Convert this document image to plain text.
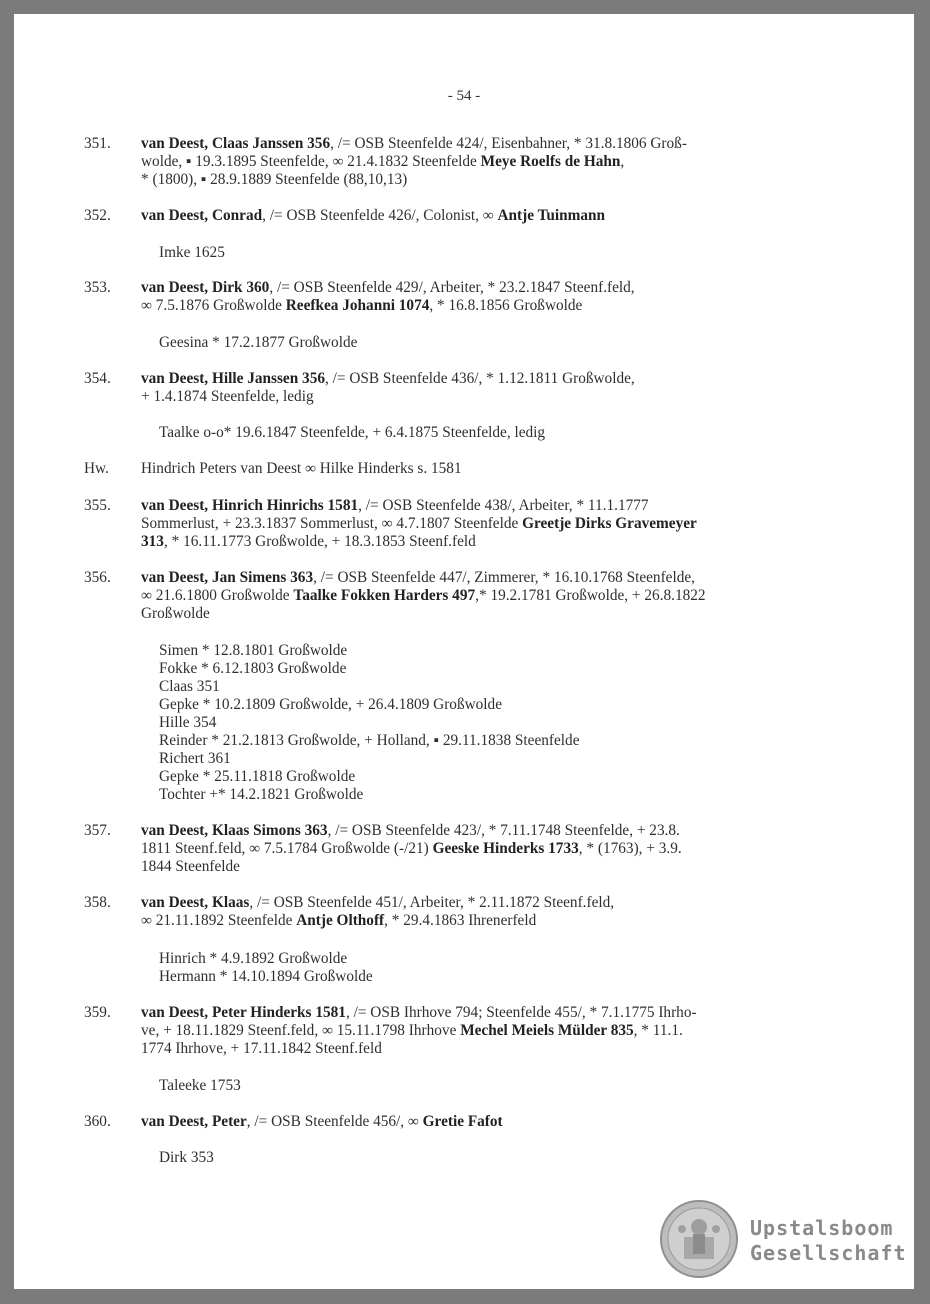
- 54 -
351.	van Deest, Claas Janssen 356, /= OSB Steenfelde 424/, Eisenbahner, * 31.8.1806 Groß-
wolde, ▪ 19.3.1895 Steenfelde, ∞ 21.4.1832 Steenfelde Meye Roelfs de Hahn,
* (1800), ▪ 28.9.1889 Steenfelde (88,10,13)
352.	van Deest, Conrad, /= OSB Steenfelde 426/, Colonist, ∞ Antje Tuinmann
353.	van Deest, Dirk 360, /= OSB Steenfelde 429/, Arbeiter, * 23.2.1847 Steenf.feld,
∞ 7.5.1876 Großwolde Reefkea Johanni 1074, * 16.8.1856 Großwolde
354.	van Deest, Hille Janssen 356, /= OSB Steenfelde 436/, * 1.12.1811 Großwolde,
+ 1.4.1874 Steenfelde, ledig
Hw.	Hindrich Peters van Deest ∞ Hilke Hinderks s. 1581
355.	van Deest, Hinrich Hinrichs 1581, /= OSB Steenfelde 438/, Arbeiter, * 11.1.1777
Sommerlust, + 23.3.1837 Sommerlust, ∞ 4.7.1807 Steenfelde Greetje Dirks Gravemeyer
313, * 16.11.1773 Großwolde, + 18.3.1853 Steenf.feld
356.	van Deest, Jan Simens 363, /= OSB Steenfelde 447/, Zimmerer, * 16.10.1768 Steenfelde,
∞ 21.6.1800 Großwolde Taalke Fokken Harders 497,* 19.2.1781 Großwolde, + 26.8.1822
Großwolde
357.	van Deest, Klaas Simons 363, /= OSB Steenfelde 423/, * 7.11.1748 Steenfelde, + 23.8.
1811 Steenf.feld, ∞ 7.5.1784 Großwolde (-/21) Geeske Hinderks 1733, * (1763), + 3.9.
1844 Steenfelde
358.	van Deest, Klaas, /= OSB Steenfelde 451/, Arbeiter, * 2.11.1872 Steenf.feld,
∞ 21.11.1892 Steenfelde Antje Olthoff, * 29.4.1863 Ihrenerfeld
359.	van Deest, Peter Hinderks 1581, /= OSB Ihrhove 794; Steenfelde 455/, * 7.1.1775 Ihrho-
ve, + 18.11.1829 Steenf.feld, ∞ 15.11.1798 Ihrhove Mechel Meiels Mülder 835, * 11.1.
1774 Ihrhove, + 17.11.1842 Steenf.feld
360.	van Deest, Peter, /= OSB Steenfelde 456/, ∞ Gretie Fafot
Imke 1625
Geesina * 17.2.1877 Großwolde
Taalke o-o* 19.6.1847 Steenfelde, + 6.4.1875 Steenfelde, ledig
Simen * 12.8.1801 Großwolde
Fokke * 6.12.1803 Großwolde
Claas 351
Gepke * 10.2.1809 Großwolde, + 26.4.1809 Großwolde
Hille 354
Reinder * 21.2.1813 Großwolde, + Holland, ▪ 29.11.1838 Steenfelde
Richert 361
Gepke * 25.11.1818 Großwolde
Tochter +* 14.2.1821 Großwolde
Hinrich * 4.9.1892 Großwolde
Hermann * 14.10.1894 Großwolde
Taleeke 1753
Dirk 353
Upstalsboom
Gesellschaft
